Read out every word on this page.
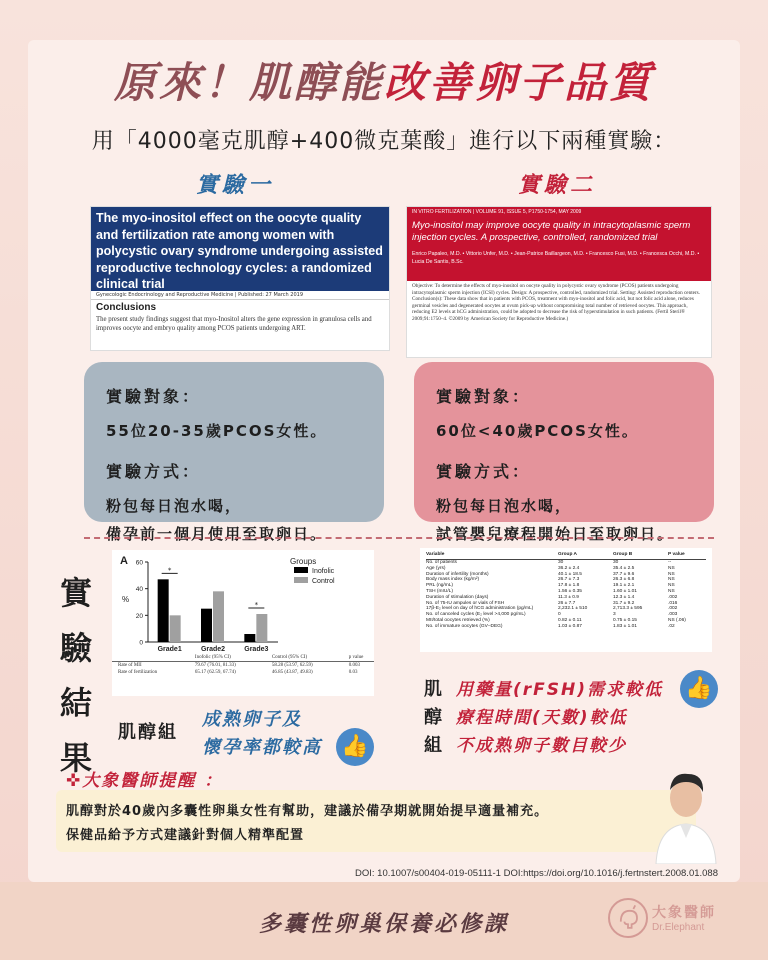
原來！肌醇能改善卵子品質
用「4000毫克肌醇+400微克葉酸」進行以下兩種實驗：
實驗一	實驗二
實驗對象：
55位20-35歲PCOS女性。
實驗方式：
粉包每日泡水喝，
備孕前一個月使用至取卵日。
實驗對象：
60位<40歲PCOS女性。
實驗方式：
粉包每日泡水喝，
試管嬰兒療程開始日至取卵日。
The myo-inositol effect on the oocyte quality and fertilization rate among women with polycystic ovary syndrome undergoing assisted reproductive technology cycles: a randomized clinical trial
Gynecologic Endocrinology and Reproductive Medicine | Published: 27 March 2019
Conclusions
The present study findings suggest that myo-Inositol alters the gene expression in granulosa cells and improves oocyte and embryo quality among PCOS patients undergoing ART.
IN VITRO FERTILIZATION | VOLUME 91, ISSUE 5, P1750-1754, MAY 2009
Myo-inositol may improve oocyte quality in intracytoplasmic sperm injection cycles. A prospective, controlled, randomized trial
Enrico Papaleo, M.D. • Vittorio Unfer, M.D. • Jean-Patrice Baillargeon, M.D. • Francesco Fusi, M.D. • Francesca Occhi, M.D. • Lucia De Santis, B.Sc.
Objective: To determine the effects of myo-inositol on oocyte quality in polycystic ovary syndrome (PCOS) patients undergoing intracytoplasmic sperm injection (ICSI) cycles. Design: A prospective, controlled, randomized trial. Setting: Assisted reproduction centers. Conclusion(s): These data show that in patients with PCOS, treatment with myo-inositol and folic acid, but not folic acid alone, reduces germinal vesicles and degenerated oocytes at ovum pick-up without compromising total number of retrieved oocytes. This approach, reducing E2 levels at hCG administration, could be adopted to decrease the risk of hyperstimulation in such patients. (Fertil Steril® 2009;91:1750–4. ©2009 by American Society for Reproductive Medicine.)
實
驗
結
果
A
%
0
20
40
60
Grade1	Grade2	Grade3
*
*
Groups
Inofolic
Control
Inofolic (95% CI)	Control (95% CI)	p value
Rate of MII	79.67 (76.01, 81.33)	58.28 (53.97, 62.59)	0.003
Rate of fertilization	65.17 (62.59, 67.74)	46.85 (43.87, 49.83)	0.03
Variable	Group A	Group B	P value
No. of patients	30	30	--
Age (yrs)	36.2 ± 2.4	35.4 ± 2.5	NS
Duration of infertility (months)	40.1 ± 18.5	37.7 ± 9.6	NS
Body mass index (kg/m²)	26.7 ± 7.3	26.3 ± 6.8	NS
PRL (ng/mL)	17.8 ± 1.8	19.1 ± 2.1	NS
TSH (mIU/L)	1.56 ± 0.35	1.60 ± 1.01	NS
Duration of stimulation (days)	11.3 ± 0.9	12.3 ± 1.4	.002
No. of 75-IU ampules or vials of FSH	26 ± 7.7	31.7 ± 9.2	.016
17β-E₂ level on day of hCG administration (pg/mL)	2,232.1 ± 510	2,713.3 ± 595	.002
No. of canceled cycles (E₂ level >4,000 pg/mL)	0	3	.003
MII/total oocytes retrieved (%)	0.82 ± 0.11	0.75 ± 0.15	NS (.06)
No. of immature oocytes (GV–DEG)	1.03 ± 0.87	1.83 ± 1.01	.02
肌醇組
成熟卵子及
懷孕率都較高 👍
肌
醇
組
用藥量(rFSH)需求較低
療程時間(天數)較低
不成熟卵子數目較少
👍
✜大象醫師提醒 ：
肌醇對於40歲內多囊性卵巢女性有幫助，建議於備孕期就開始提早適量補充。
保健品給予方式建議針對個人精準配置
DOI: 10.1007/s00404-019-05111-1 DOI:https://doi.org/10.1016/j.fertnstert.2008.01.088
多囊性卵巢保養必修課	大象醫師
Dr.Elephant
